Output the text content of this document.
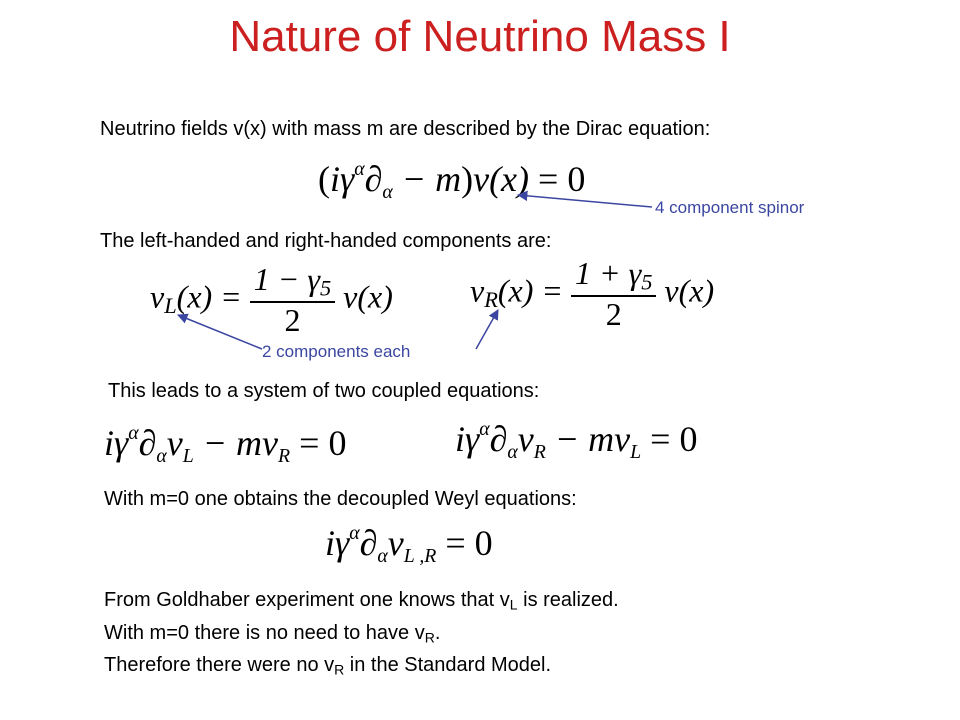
Nature of Neutrino Mass I
Neutrino fields v(x) with mass m are described by the Dirac equation:
$(i\gamma^\alpha\partial\alpha - m)v(x) = 0$
4 component spinor
The left-handed and right-handed components are:
$v_L(x) = \frac{1 - \gamma_5}{2} v(x) v_R(x) = \frac{1 + \gamma_5}{2} v(x)$
2 components each
This leads to a system of two coupled equations:
$i\gamma^\alpha\partial\alpha vL$ − mvR = 0	$i\gamma^\alpha\partial\alpha vR$ − mvL = 0
With m=0 one obtains the decoupled Weyl equations:
$i\gamma^\alpha\partial\alpha vL$ ,R = 0
From Goldhaber experiment one knows that $v_L$ is realized.
With m=0 there is no need to have $v_R$.
Therefore there were no $v_R$ in the Standard Model.
